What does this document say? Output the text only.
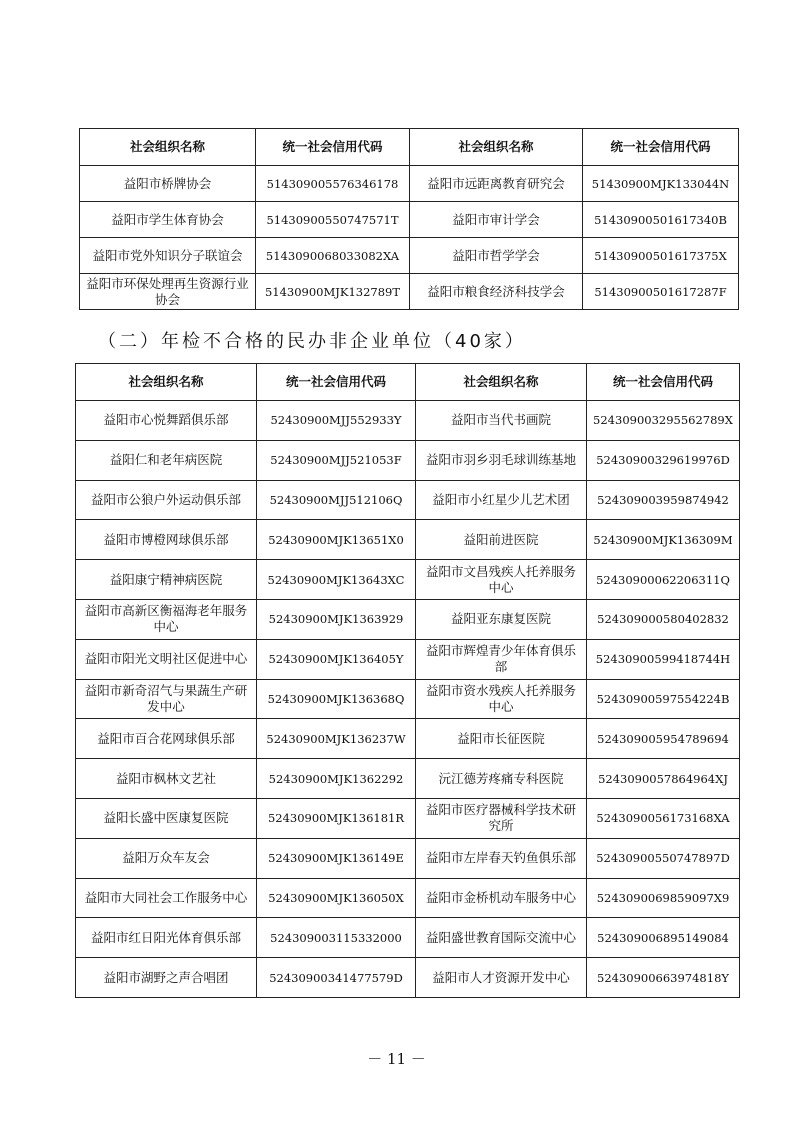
社会组织名称	统一社会信用代码	社会组织名称	统一社会信用代码
益阳市桥牌协会	514309005576346178	益阳市远距离教育研究会	51430900MJK133044N
益阳市学生体育协会	51430900550747571T	益阳市审计学会	51430900501617340B
益阳市党外知识分子联谊会	5143090068033082XA	益阳市哲学学会	51430900501617375X
益阳市环保处理再生资源行业协会	51430900MJK132789T	益阳市粮食经济科技学会	51430900501617287F
（二）年检不合格的民办非企业单位（40家）
社会组织名称	统一社会信用代码	社会组织名称	统一社会信用代码
益阳市心悦舞蹈俱乐部	52430900MJJ552933Y	益阳市当代书画院	524309003295562789X
益阳仁和老年病医院	52430900MJJ521053F	益阳市羽乡羽毛球训练基地	52430900329619976D
益阳市公狼户外运动俱乐部	52430900MJJ512106Q	益阳市小红星少儿艺术团	524309003959874942
益阳市博橙网球俱乐部	52430900MJK13651X0	益阳前进医院	52430900MJK136309M
益阳康宁精神病医院	52430900MJK13643XC	益阳市文昌残疾人托养服务中心	52430900062206311Q
益阳市高新区衡福海老年服务中心	52430900MJK1363929	益阳亚东康复医院	524309000580402832
益阳市阳光文明社区促进中心	52430900MJK136405Y	益阳市辉煌青少年体育俱乐部	52430900599418744H
益阳市新奇沼气与果蔬生产研发中心	52430900MJK136368Q	益阳市资水残疾人托养服务中心	52430900597554224B
益阳市百合花网球俱乐部	52430900MJK136237W	益阳市长征医院	524309005954789694
益阳市枫林文艺社	52430900MJK1362292	沅江德芳疼痛专科医院	5243090057864964XJ
益阳长盛中医康复医院	52430900MJK136181R	益阳市医疗器械科学技术研究所	5243090056173168XA
益阳万众车友会	52430900MJK136149E	益阳市左岸春天钓鱼俱乐部	52430900550747897D
益阳市大同社会工作服务中心	52430900MJK136050X	益阳市金桥机动车服务中心	5243090069859097X9
益阳市红日阳光体育俱乐部	524309003115332000	益阳盛世教育国际交流中心	524309006895149084
益阳市湖野之声合唱团	52430900341477579D	益阳市人才资源开发中心	52430900663974818Y
－ 11 －
